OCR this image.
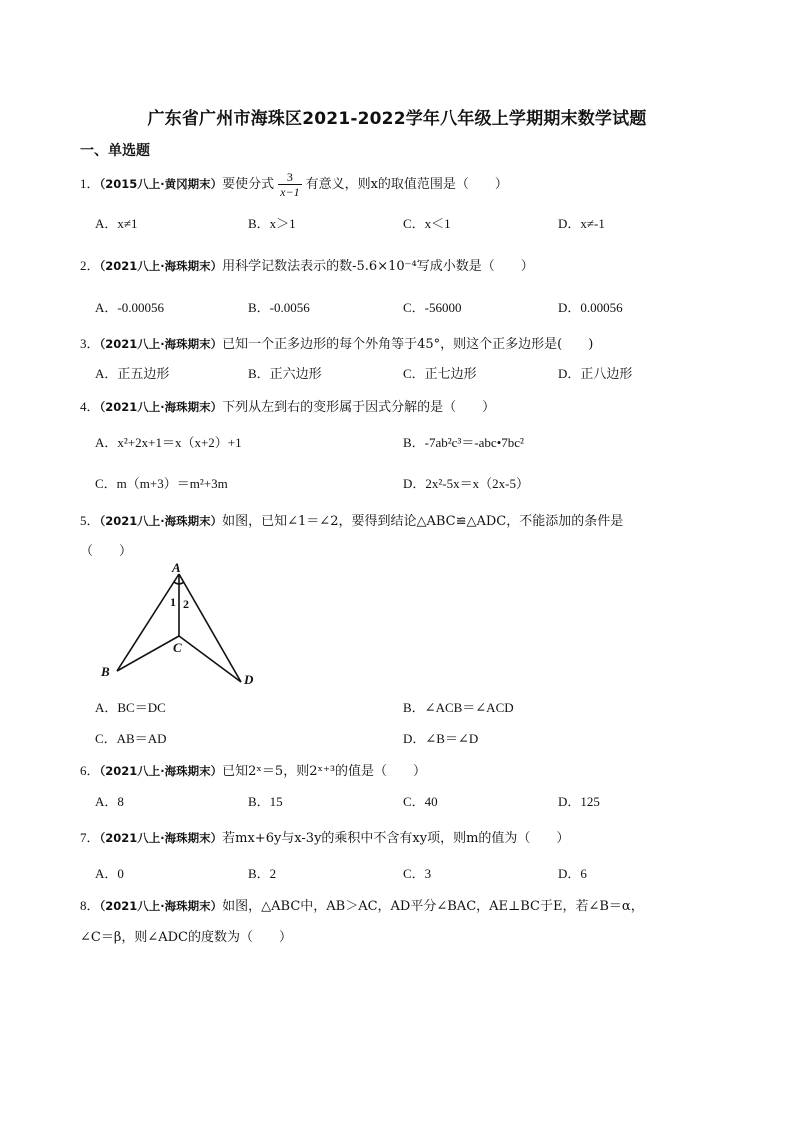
广东省广州市海珠区2021-2022学年八年级上学期期末数学试题
一、单选题
1．（2015八上·黄冈期末）要使分式 $\frac{3}{x-1}$ 有意义，则x的取值范围是（　　）
A．x≠1	B．x＞1	C．x＜1	D．x≠-1
2．（2021八上·海珠期末）用科学记数法表示的数-5.6×10⁻⁴写成小数是（　　）
A．-0.00056	B．-0.0056	C．-56000	D．0.00056
3．（2021八上·海珠期末）已知一个正多边形的每个外角等于45°，则这个正多边形是(　　)
A．正五边形	B．正六边形	C．正七边形	D．正八边形
4．（2021八上·海珠期末）下列从左到右的变形属于因式分解的是（　　）
A．x²+2x+1＝x（x+2）+1	B．-7ab²c³＝-abc•7bc²
C．m（m+3）＝m²+3m	D．2x²-5x＝x（2x-5）
5．（2021八上·海珠期末）如图，已知∠1＝∠2，要得到结论△ABC≌△ADC，不能添加的条件是
（　　）
A
B
C
D
1 2
A．BC＝DC	B．∠ACB＝∠ACD
C．AB＝AD	D．∠B＝∠D
6．（2021八上·海珠期末）已知2ˣ＝5，则2ˣ⁺³的值是（　　）
A．8	B．15	C．40	D．125
7．（2021八上·海珠期末）若mx+6y与x-3y的乘积中不含有xy项，则m的值为（　　）
A．0	B．2	C．3	D．6
8．（2021八上·海珠期末）如图，△ABC中，AB＞AC，AD平分∠BAC，AE⊥BC于E，若∠B＝α，
∠C＝β，则∠ADC的度数为（　　）
